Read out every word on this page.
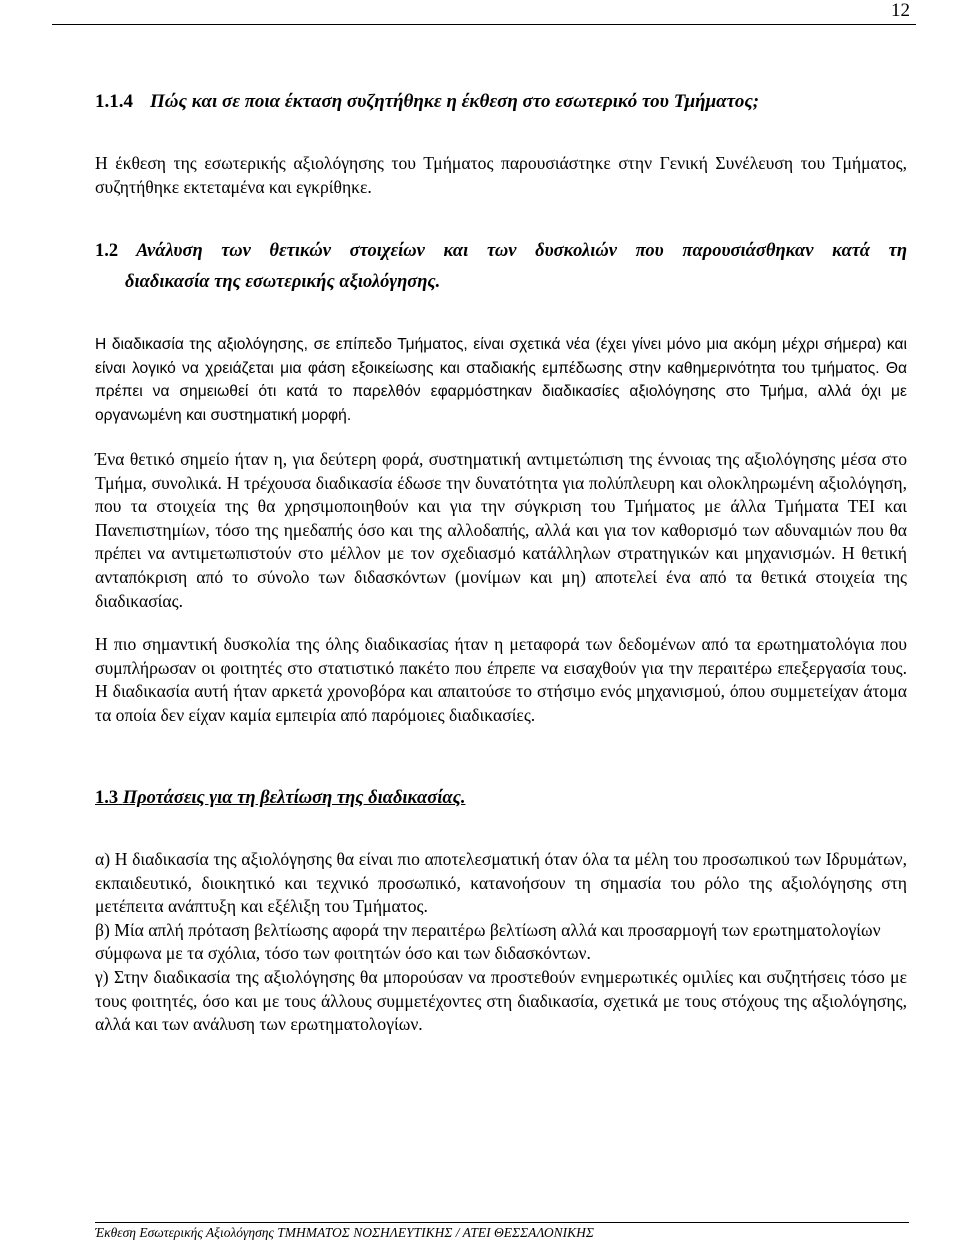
12
1.1.4 Πώς και σε ποια έκταση συζητήθηκε η έκθεση στο εσωτερικό του Τμήματος;

Η έκθεση της εσωτερικής αξιολόγησης του Τμήματος παρουσιάστηκε στην Γενική Συνέλευση του Τμήματος, συζητήθηκε εκτεταμένα και εγκρίθηκε.

1.2 Ανάλυση των θετικών στοιχείων και των δυσκολιών που παρουσιάσθηκαν κατά τη
διαδικασία της εσωτερικής αξιολόγησης.

Η διαδικασία της αξιολόγησης, σε επίπεδο Τμήματος, είναι σχετικά νέα (έχει γίνει μόνο μια ακόμη μέχρι σήμερα) και είναι λογικό να χρειάζεται μια φάση εξοικείωσης και σταδιακής εμπέδωσης στην καθημερινότητα του τμήματος. Θα πρέπει να σημειωθεί ότι κατά το παρελθόν εφαρμόστηκαν διαδικασίες αξιολόγησης στο Τμήμα, αλλά όχι με οργανωμένη και συστηματική μορφή.

Ένα θετικό σημείο ήταν η, για δεύτερη φορά, συστηματική αντιμετώπιση της έννοιας της αξιολόγησης μέσα στο Τμήμα, συνολικά. Η τρέχουσα διαδικασία έδωσε την δυνατότητα για πολύπλευρη και ολοκληρωμένη αξιολόγηση, που τα στοιχεία της θα χρησιμοποιηθούν και για την σύγκριση του Τμήματος με άλλα Τμήματα ΤΕΙ και Πανεπιστημίων, τόσο της ημεδαπής όσο και της αλλοδαπής, αλλά και για τον καθορισμό των αδυναμιών που θα πρέπει να αντιμετωπιστούν στο μέλλον με τον σχεδιασμό κατάλληλων στρατηγικών και μηχανισμών. Η θετική ανταπόκριση από το σύνολο των διδασκόντων (μονίμων και μη) αποτελεί ένα από τα θετικά στοιχεία της διαδικασίας.

Η πιο σημαντική δυσκολία της όλης διαδικασίας ήταν η μεταφορά των δεδομένων από τα ερωτηματολόγια που συμπλήρωσαν οι φοιτητές στο στατιστικό πακέτο που έπρεπε να εισαχθούν για την περαιτέρω επεξεργασία τους. Η διαδικασία αυτή ήταν αρκετά χρονοβόρα και απαιτούσε το στήσιμο ενός μηχανισμού, όπου συμμετείχαν άτομα τα οποία δεν είχαν καμία εμπειρία από παρόμοιες διαδικασίες.

1.3 Προτάσεις για τη βελτίωση της διαδικασίας.

α) Η διαδικασία της αξιολόγησης θα είναι πιο αποτελεσματική όταν όλα τα μέλη του προσωπικού των Ιδρυμάτων, εκπαιδευτικό, διοικητικό και τεχνικό προσωπικό, κατανοήσουν τη σημασία του ρόλο της αξιολόγησης στη μετέπειτα ανάπτυξη και εξέλιξη του Τμήματος.

β) Μία απλή πρόταση βελτίωσης αφορά την περαιτέρω βελτίωση αλλά και προσαρμογή των ερωτηματολογίων σύμφωνα με τα σχόλια, τόσο των φοιτητών όσο και των διδασκόντων.

γ) Στην διαδικασία της αξιολόγησης θα μπορούσαν να προστεθούν ενημερωτικές ομιλίες και συζητήσεις τόσο με τους φοιτητές, όσο και με τους άλλους συμμετέχοντες στη διαδικασία, σχετικά με τους στόχους της αξιολόγησης, αλλά και των ανάλυση των ερωτηματολογίων.

Έκθεση Εσωτερικής Αξιολόγησης ΤΜΗΜΑΤΟΣ ΝΟΣΗΛΕΥΤΙΚΗΣ / ΑΤΕΙ ΘΕΣΣΑΛΟΝΙΚΗΣ
